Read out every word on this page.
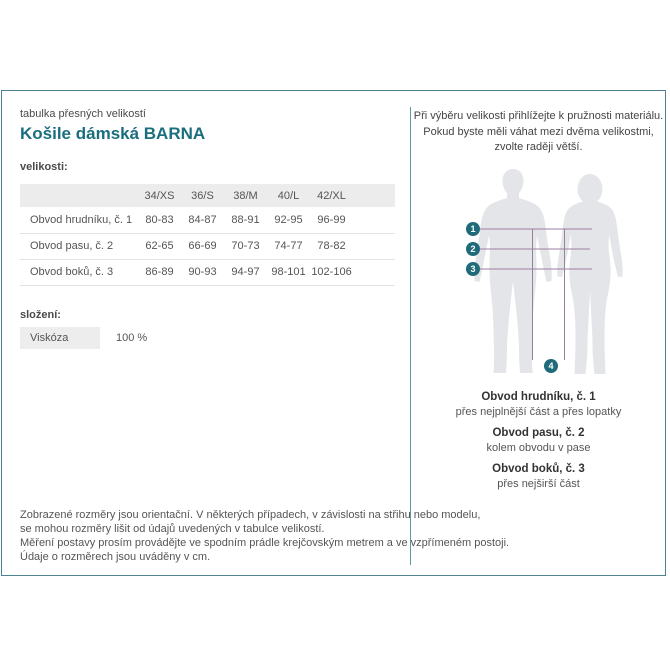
tabulka přesných velikostí
Košile dámská BARNA
velikosti:
	34/XS	36/S	38/M	40/L	42/XL	
Obvod hrudníku, č. 1	80-83	84-87	88-91	92-95	96-99	
Obvod pasu, č. 2	62-65	66-69	70-73	74-77	78-82	
Obvod boků, č. 3	86-89	90-93	94-97	98-101	102-106	
složení:
Viskóza	100 %
Zobrazené rozměry jsou orientační. V některých případech, v závislosti na střihu nebo modelu,
se mohou rozměry lišit od údajů uvedených v tabulce velikostí.
Měření postavy prosím provádějte ve spodním prádle krejčovským metrem a ve vzpřímeném postoji.
Údaje o rozměrech jsou uváděny v cm.
Při výběru velikosti přihlížejte k pružnosti materiálu.
Pokud byste měli váhat mezi dvěma velikostmi,
zvolte raději větší.
1
2
3
4
Obvod hrudníku, č. 1
přes nejplnější část a přes lopatky
Obvod pasu, č. 2
kolem obvodu v pase
Obvod boků, č. 3
přes nejširší část
